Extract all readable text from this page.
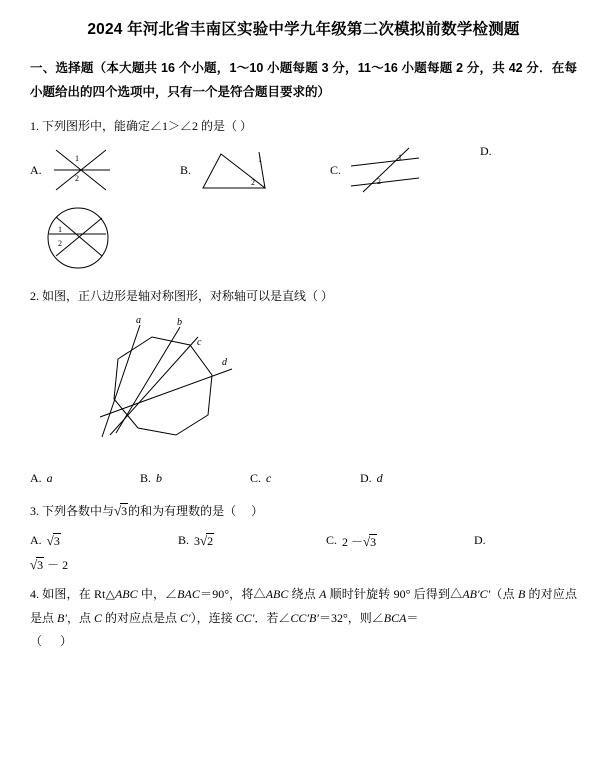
2024 年河北省丰南区实验中学九年级第二次模拟前数学检测题
一、选择题（本大题共 16 个小题，1～10 小题每题 3 分，11～16 小题每题 2 分，共 42 分．在每小题给出的四个选项中，只有一个是符合题目要求的）
1. 下列图形中，能确定∠1＞∠2 的是（ ）
A.
1
2
B.
1
2
C.
1
2
D.
1
2
2. 如图，正八边形是轴对称图形，对称轴可以是直线（ ）
a	b
c
d
A. a	B. b	C. c	D. d
3. 下列各数中与√3的和为有理数的是（     ）
A. √3	B. 3√2	C. 2 －√3	D.
√3 － 2
4. 如图，在 Rt△ABC 中，∠BAC＝90°，将△ABC 绕点 A 顺时针旋转 90° 后得到△AB′C′（点 B 的对应点是点 B′，点 C 的对应点是点 C′），连接 CC′．若∠CC′B′＝32°，则∠BCA＝
（      ）
